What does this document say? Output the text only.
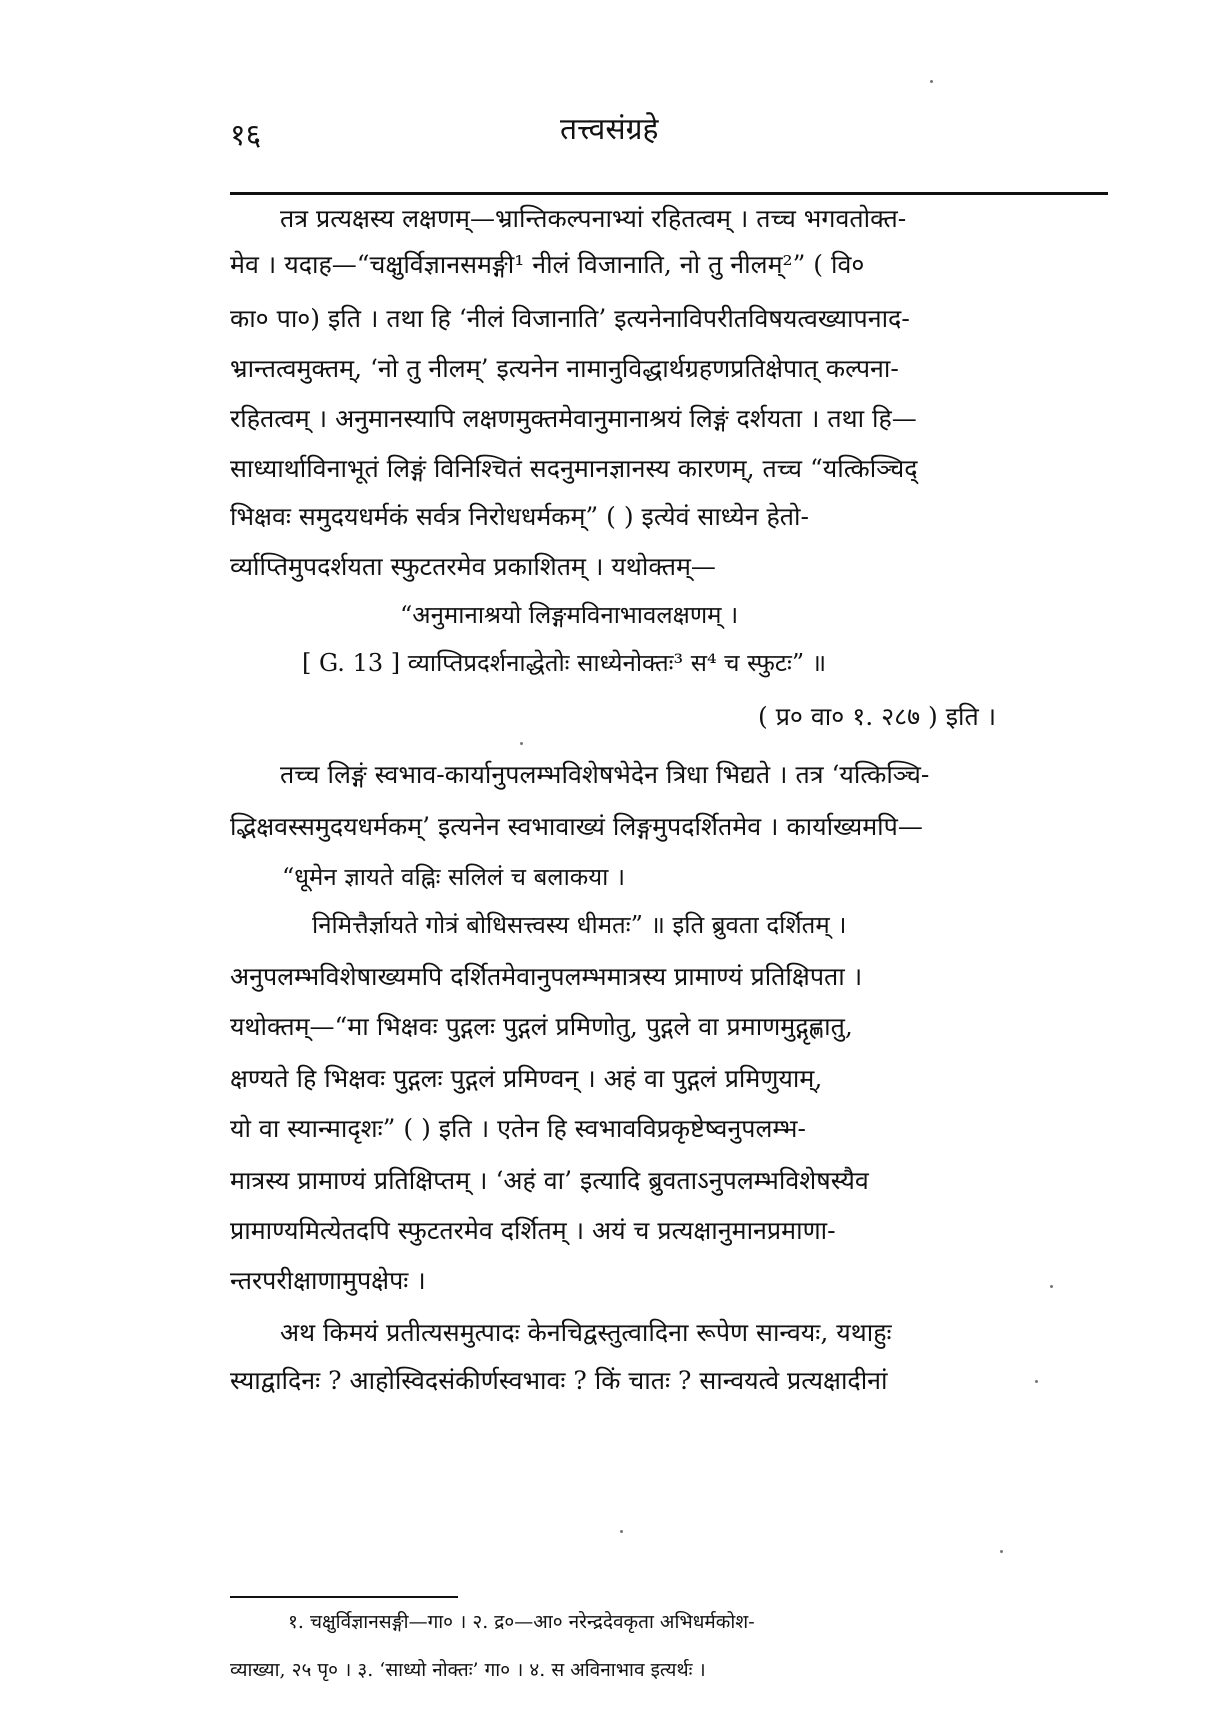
१६	तत्त्वसंग्रहे
तत्र प्रत्यक्षस्य लक्षणम्—भ्रान्तिकल्पनाभ्यां रहितत्वम् । तच्च भगवतोक्त-
मेव । यदाह—“चक्षुर्विज्ञानसमङ्गी¹ नीलं विजानाति, नो तु नीलम्²” ( वि०
का० पा०) इति । तथा हि ‘नीलं विजानाति’ इत्यनेनाविपरीतविषयत्वख्यापनाद-
भ्रान्तत्वमुक्तम्, ‘नो तु नीलम्’ इत्यनेन नामानुविद्धार्थग्रहणप्रतिक्षेपात् कल्पना-
रहितत्वम् । अनुमानस्यापि लक्षणमुक्तमेवानुमानाश्रयं लिङ्गं दर्शयता । तथा हि—
साध्यार्थाविनाभूतं लिङ्गं विनिश्चितं सदनुमानज्ञानस्य कारणम्, तच्च “यत्किञ्चिद्
भिक्षवः समुदयधर्मकं सर्वत्र निरोधधर्मकम्” ( ) इत्येवं साध्येन हेतो-
र्व्याप्तिमुपदर्शयता स्फुटतरमेव प्रकाशितम् । यथोक्तम्—
“अनुमानाश्रयो लिङ्गमविनाभावलक्षणम् ।
[ G. 13 ] व्याप्तिप्रदर्शनाद्धेतोः साध्येनोक्तः³ स⁴ च स्फुटः” ॥
( प्र० वा० १. २८७ ) इति ।
तच्च लिङ्गं स्वभाव-कार्यानुपलम्भविशेषभेदेन त्रिधा भिद्यते । तत्र ‘यत्किञ्चि-
द्भिक्षवस्समुदयधर्मकम्’ इत्यनेन स्वभावाख्यं लिङ्गमुपदर्शितमेव । कार्याख्यमपि—
“धूमेन ज्ञायते वह्निः सलिलं च बलाकया ।
निमित्तैर्ज्ञायते गोत्रं बोधिसत्त्वस्य धीमतः” ॥ इति ब्रुवता दर्शितम् ।
अनुपलम्भविशेषाख्यमपि दर्शितमेवानुपलम्भमात्रस्य प्रामाण्यं प्रतिक्षिपता ।
यथोक्तम्—“मा भिक्षवः पुद्गलः पुद्गलं प्रमिणोतु, पुद्गले वा प्रमाणमुद्गृह्णातु,
क्षण्यते हि भिक्षवः पुद्गलः पुद्गलं प्रमिण्वन् । अहं वा पुद्गलं प्रमिणुयाम्,
यो वा स्यान्मादृशः” ( ) इति । एतेन हि स्वभावविप्रकृष्टेष्वनुपलम्भ-
मात्रस्य प्रामाण्यं प्रतिक्षिप्तम् । ‘अहं वा’ इत्यादि ब्रुवताऽनुपलम्भविशेषस्यैव
प्रामाण्यमित्येतदपि स्फुटतरमेव दर्शितम् । अयं च प्रत्यक्षानुमानप्रमाणा-
न्तरपरीक्षाणामुपक्षेपः ।
अथ किमयं प्रतीत्यसमुत्पादः केनचिद्वस्तुत्वादिना रूपेण सान्वयः, यथाहुः
स्याद्वादिनः ? आहोस्विदसंकीर्णस्वभावः ? किं चातः ? सान्वयत्वे प्रत्यक्षादीनां
१. चक्षुर्विज्ञानसङ्गी—गा० । २. द्र०—आ० नरेन्द्रदेवकृता अभिधर्मकोश-
व्याख्या, २५ पृ० । ३. ‘साध्यो नोक्तः’ गा० । ४. स अविनाभाव इत्यर्थः ।
